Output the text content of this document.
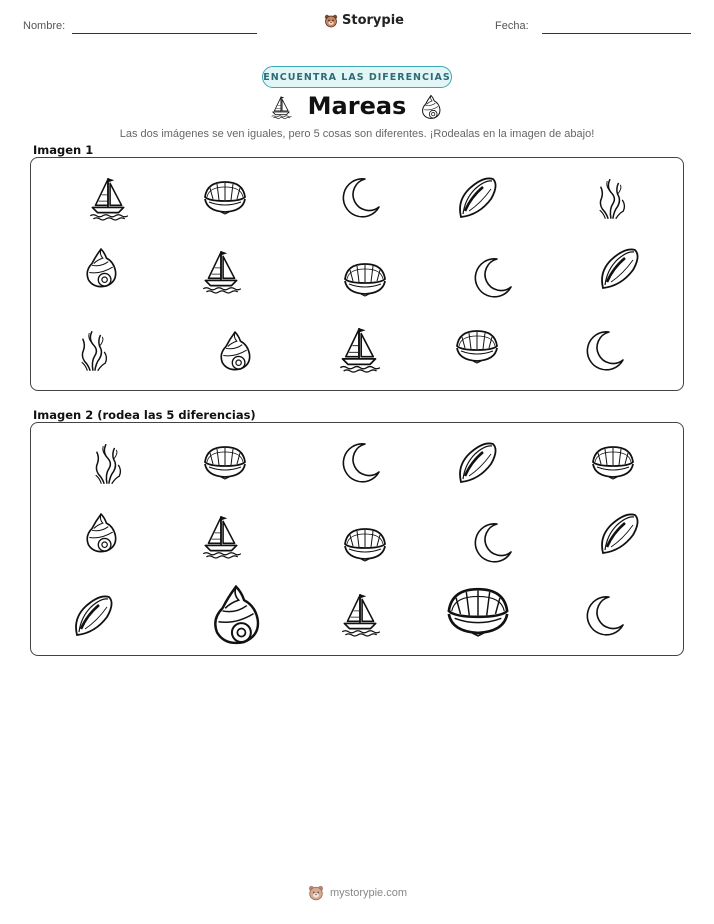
Nombre:	Storypie	Fecha:
ENCUENTRA LAS DIFERENCIAS
Mareas
Las dos imágenes se ven iguales, pero 5 cosas son diferentes. ¡Rodealas en la imagen de abajo!
Imagen 1
Imagen 2 (rodea las 5 diferencias)
mystorypie.com
